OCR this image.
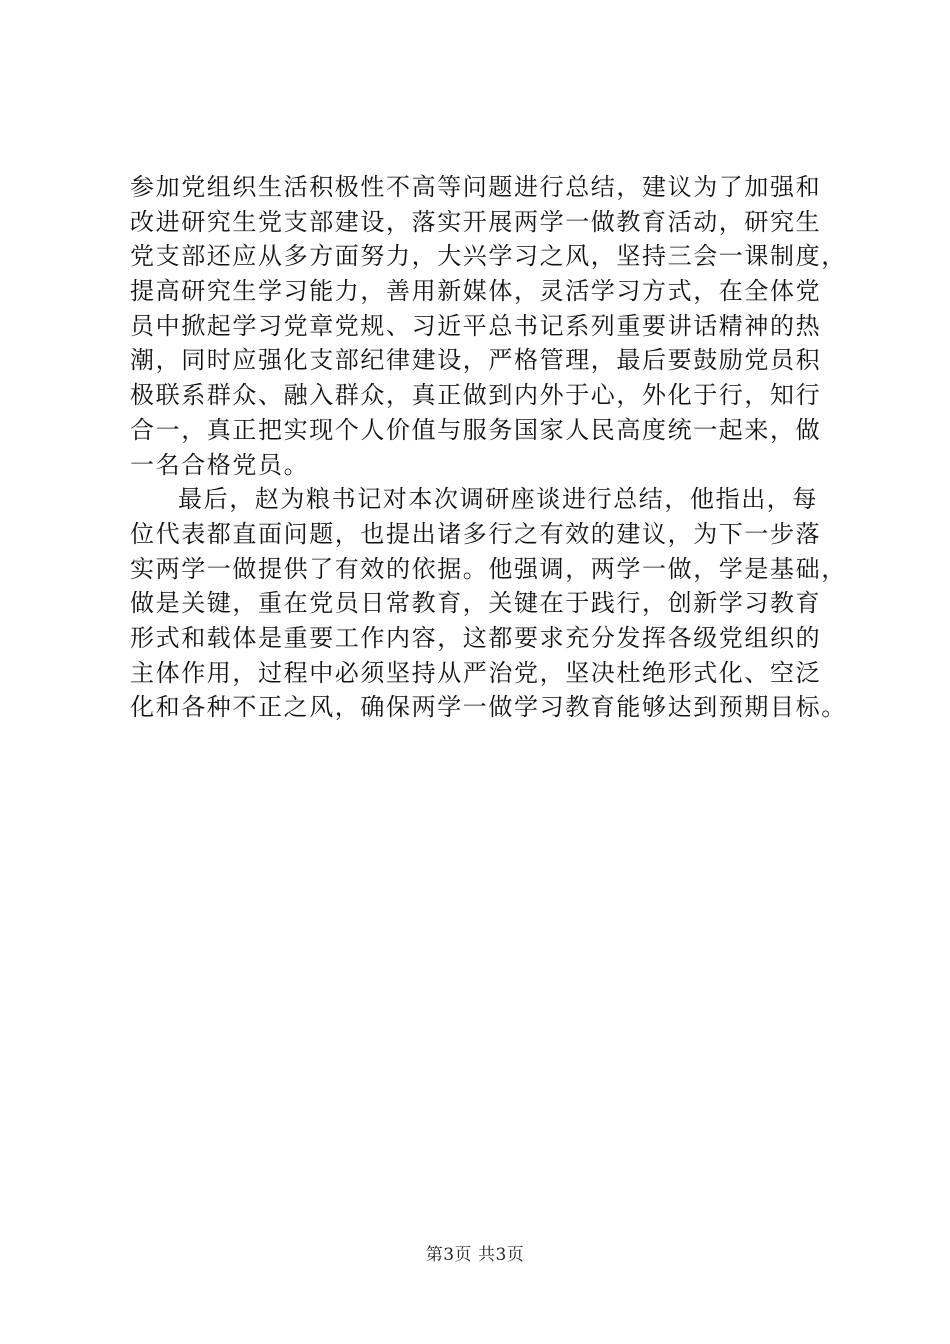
参加党组织生活积极性不高等问题进行总结，建议为了加强和
改进研究生党支部建设，落实开展两学一做教育活动，研究生
党支部还应从多方面努力，大兴学习之风，坚持三会一课制度，
提高研究生学习能力，善用新媒体，灵活学习方式，在全体党
员中掀起学习党章党规、习近平总书记系列重要讲话精神的热
潮，同时应强化支部纪律建设，严格管理，最后要鼓励党员积
极联系群众、融入群众，真正做到内外于心，外化于行，知行
合一，真正把实现个人价值与服务国家人民高度统一起来，做
一名合格党员。
最后，赵为粮书记对本次调研座谈进行总结，他指出，每
位代表都直面问题，也提出诸多行之有效的建议，为下一步落
实两学一做提供了有效的依据。他强调，两学一做，学是基础，
做是关键，重在党员日常教育，关键在于践行，创新学习教育
形式和载体是重要工作内容，这都要求充分发挥各级党组织的
主体作用，过程中必须坚持从严治党，坚决杜绝形式化、空泛
化和各种不正之风，确保两学一做学习教育能够达到预期目标。
第3页 共3页
